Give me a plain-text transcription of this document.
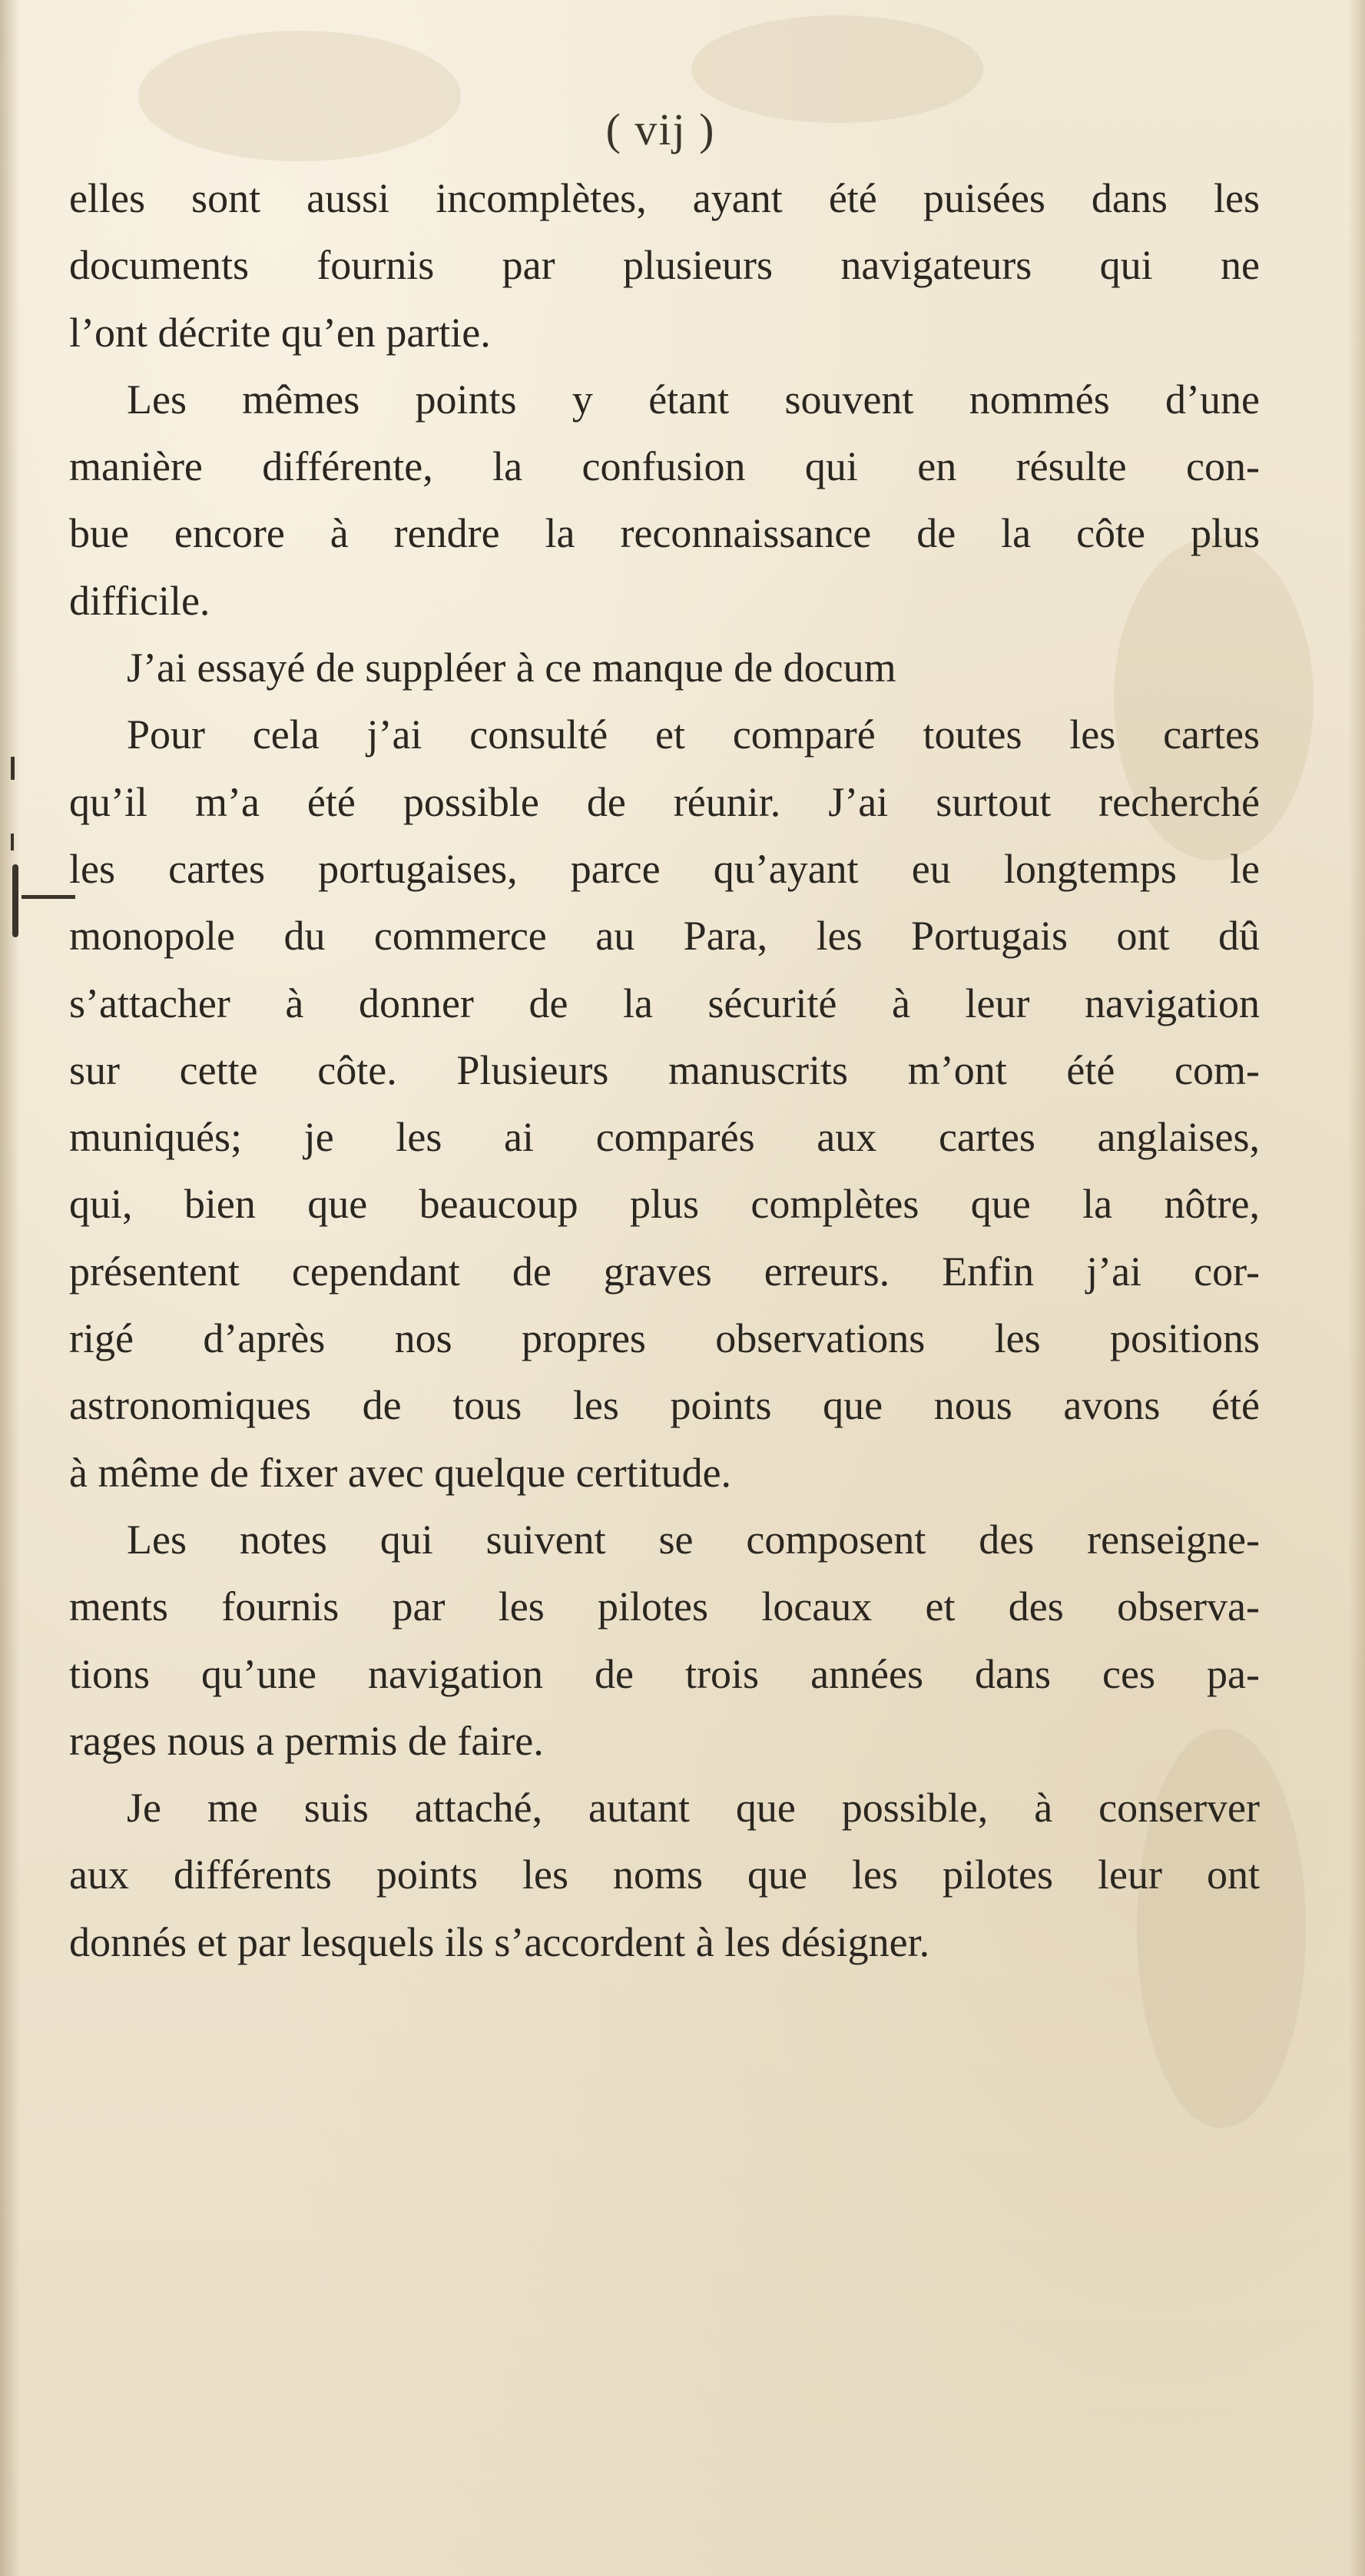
( vij )
elles sont aussi incomplètes, ayant été puisées dans les
documents fournis par plusieurs navigateurs qui ne
l’ont décrite qu’en partie.
Les mêmes points y étant souvent nommés d’une
manière différente, la confusion qui en résulte con-
bue encore à rendre la reconnaissance de la côte plus
difficile.
J’ai essayé de suppléer à ce manque de docum
Pour cela j’ai consulté et comparé toutes les cartes
qu’il m’a été possible de réunir. J’ai surtout recherché
les cartes portugaises, parce qu’ayant eu longtemps le
monopole du commerce au Para, les Portugais ont dû
s’attacher à donner de la sécurité à leur navigation
sur cette côte. Plusieurs manuscrits m’ont été com-
muniqués; je les ai comparés aux cartes anglaises,
qui, bien que beaucoup plus complètes que la nôtre,
présentent cependant de graves erreurs. Enfin j’ai cor-
rigé d’après nos propres observations les positions
astronomiques de tous les points que nous avons été
à même de fixer avec quelque certitude.
Les notes qui suivent se composent des renseigne-
ments fournis par les pilotes locaux et des observa-
tions qu’une navigation de trois années dans ces pa-
rages nous a permis de faire.
Je me suis attaché, autant que possible, à conserver
aux différents points les noms que les pilotes leur ont
donnés et par lesquels ils s’accordent à les désigner.
